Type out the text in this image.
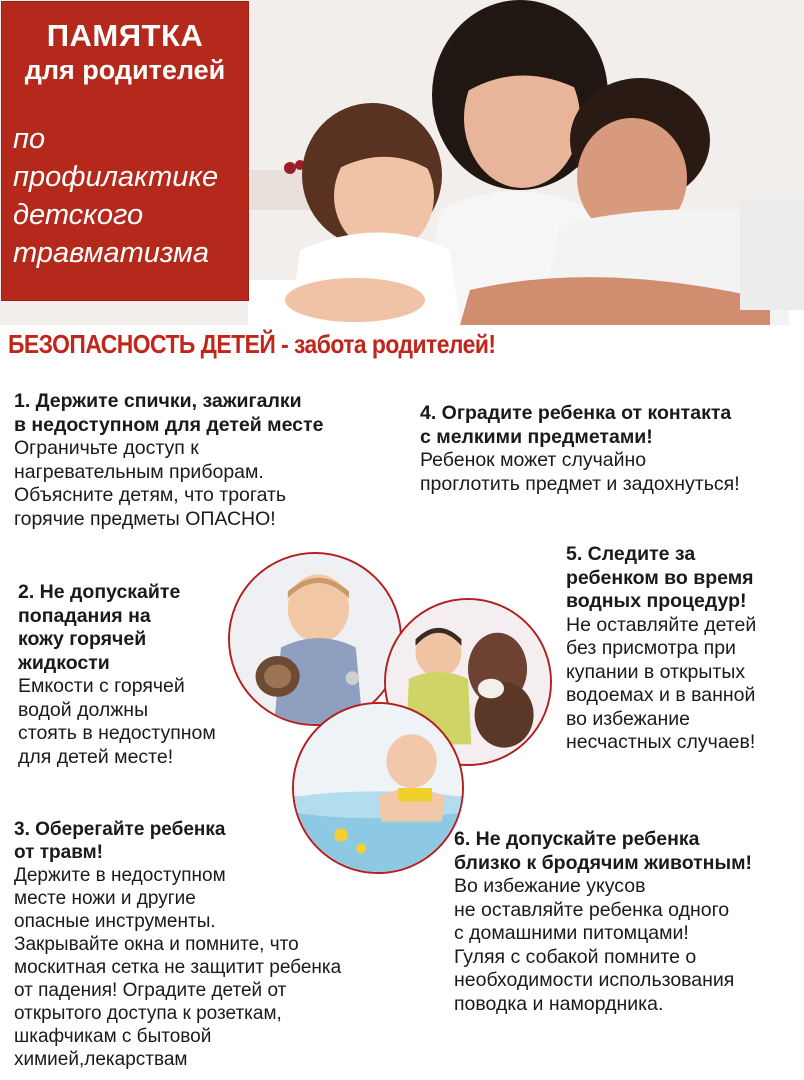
ПАМЯТКА
для родителей
по
профилактике
детского
травматизма
БЕЗОПАСНОСТЬ ДЕТЕЙ - забота родителей!
1. Держите спички, зажигалки
в недоступном для детей месте
Ограничьте доступ к
нагревательным приборам.
Объясните детям, что трогать
горячие предметы ОПАСНО!
4. Оградите ребенка от контакта
с мелкими предметами!
Ребенок может случайно
проглотить предмет и задохнуться!
5. Следите за
ребенком во время
водных процедур!
Не оставляйте детей
без присмотра при
купании в открытых
водоемах и в ванной
во избежание
несчастных случаев!
2. Не допускайте
попадания на
кожу горячей
жидкости
Емкости с горячей
водой должны
стоять в недоступном
для детей месте!
3. Оберегайте ребенка
от травм!
Держите в недоступном
месте ножи и другие
опасные инструменты.
Закрывайте окна и помните, что
москитная сетка не защитит ребенка
от падения! Оградите детей от
открытого доступа к розеткам,
шкафчикам с бытовой
химией,лекарствам
6. Не допускайте ребенка
близко к бродячим животным!
Во избежание укусов
не оставляйте ребенка одного
с домашними питомцами!
Гуляя с собакой помните о
необходимости использования
поводка и намордника.
